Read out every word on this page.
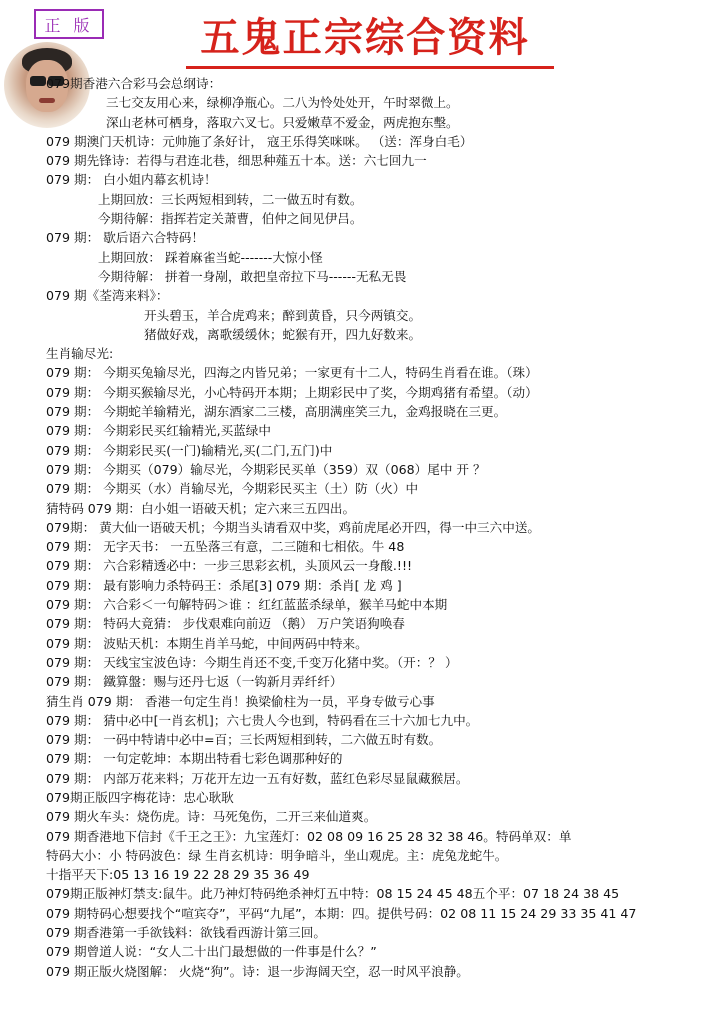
正 版	五鬼正宗综合资料
079期香港六合彩马会总纲诗：
三七交友用心来，绿柳净瓶心。二八为怜处处开，午时翠微上。
深山老林可栖身，落取六叉七。只爱嫩草不爱金，两虎抱东墼。
079 期澳门天机诗：元帅施了条好计， 寇王乐得笑咪咪。 （送：浑身白毛）
079 期先锋诗：若得与君连北巷，细思种薤五十本。送：六七回九一
079 期： 白小姐内幕玄机诗！
上期回放：三长两短相到转，二一做五时有数。
今期待解：指挥若定关萧曹，伯仲之间见伊吕。
079 期： 歇后语六合特码！
上期回放： 踩着麻雀当蛇-------大惊小怪
今期待解： 拼着一身剐，敢把皇帝拉下马------无私无畏
079 期《荃湾来料》：
开头碧玉，羊合虎鸡来；醉到黄昏，只今两镇交。
猪做好戏，离歌缓缓休；蛇猴有开，四九好数来。
生肖输尽光:
079 期： 今期买兔输尽光，四海之内皆兄弟；一家更有十二人，特码生肖看在谁。（珠）
079 期： 今期买猴输尽光，小心特码开本期；上期彩民中了奖，今期鸡猪有希望。（动）
079 期： 今期蛇羊输精光，湖东酒家二三楼，高朋满座笑三九，金鸡报晓在三更。
079 期： 今期彩民买红输精光,买蓝绿中
079 期： 今期彩民买(一门)输精光,买(二门,五门)中
079 期： 今期买（079）输尽光，今期彩民买单（359）双（068）尾中 开 ？
079 期： 今期买（水）肖输尽光，今期彩民买主（土）防（火）中
猜特码 079 期：白小姐一语破天机；定六来三五四出。
079期： 黄大仙一语破天机；今期当头请看双中奖，鸡前虎尾必开四，得一中三六中送。
079 期： 无字天书： 一五坠落三有意，二三随和七相依。牛 48
079 期： 六合彩精透必中：一步三思彩玄机，头顶风云一身酸.!!!
079 期： 最有影响力杀特码王：杀尾[3] 079 期：杀肖[ 龙 鸡 ]
079 期： 六合彩＜一句解特码＞谁 ：红红蓝蓝杀绿单，猴羊马蛇中本期
079 期： 特码大竟猜： 步伐艰难向前迈 （鹅） 万户笑语狗唤春
079 期： 波贴天机：本期生肖羊马蛇，中间两码中特来。
079 期： 天线宝宝波色诗：今期生肖还不变,千变万化猪中奖。（开：？ ）
079 期： 鐵算盤：赐与还丹七返（一钩新月弄纤纤）
猜生肖 079 期： 香港一句定生肖！换梁偷柱为一员，平身专做亏心事
079 期： 猜中必中[一肖玄机]；六七贵人今也到，特码看在三十六加七九中。
079 期： 一码中特请中必中=百；三长两短相到转，二六做五时有数。
079 期： 一句定乾坤：本期出特看七彩色调那种好的
079 期： 内部万花来料；万花开左边一五有好数，蓝红色彩尽显鼠藏猴居。
079期正版四字梅花诗：忠心耿耿
079 期火车头：烧伤虎。诗：马死兔伤，二开三来仙道爽。
079 期香港地下信封《千王之王》：九宝莲灯：02 08 09 16 25 28 32 38 46。特码单双：单
特码大小：小 特码波色：绿 生肖玄机诗：明争暗斗，坐山观虎。主：虎兔龙蛇牛。
十指平天下:05 13 16 19 22 28 29 35 36 49
079期正版神灯禁支:鼠牛。此乃神灯特码绝杀神灯五中特：08 15 24 45 48五个平：07 18 24 38 45
079 期特码心想要找个“喧宾夺”，平码“九尾”，本期：四。提供号码：02 08 11 15 24 29 33 35 41 47
079 期香港第一手欲钱料：欲钱看西游计第三回。
079 期曾道人说：“女人二十出门最想做的一件事是什么？”
079 期正版火烧图解： 火烧“狗”。诗：退一步海阔天空，忍一时风平浪静。
